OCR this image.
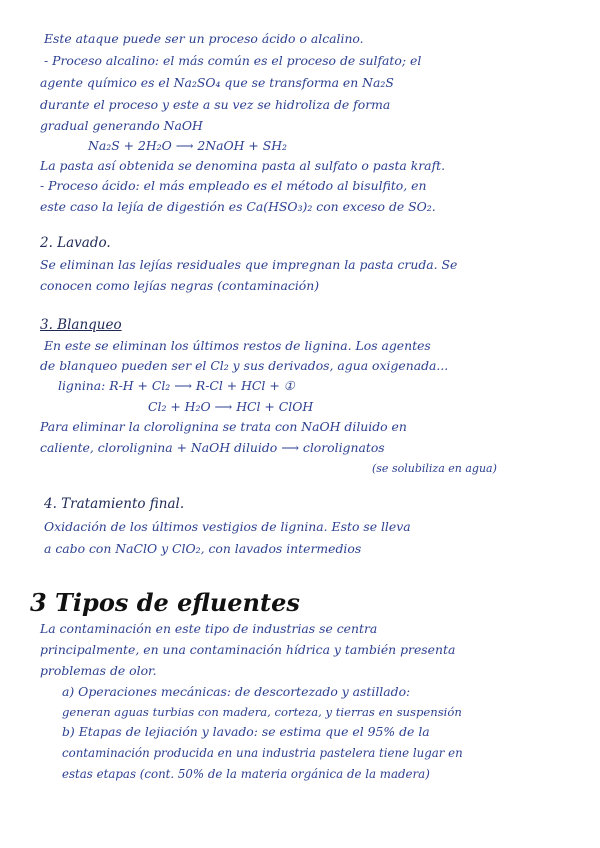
Este ataque puede ser un proceso ácido o alcalino.

- Proceso alcalino: el más común es el proceso de sulfato; el

agente químico es el Na₂SO₄ que se transforma en Na₂S

durante el proceso y este a su vez se hidroliza de forma

gradual generando NaOH

Na₂S + 2H₂O ⟶ 2NaOH + SH₂

La pasta así obtenida se denomina pasta al sulfato o pasta kraft.

- Proceso ácido: el más empleado es el método al bisulfito, en

este caso la lejía de digestión es Ca(HSO₃)₂ con exceso de SO₂.

2. Lavado.

Se eliminan las lejías residuales que impregnan la pasta cruda. Se

conocen como lejías negras (contaminación)

3. Blanqueo

En este se eliminan los últimos restos de lignina. Los agentes

de blanqueo pueden ser el Cl₂ y sus derivados, agua oxigenada...

lignina: R-H + Cl₂ ⟶ R-Cl + HCl + ①

Cl₂ + H₂O ⟶ HCl + ClOH

Para eliminar la clorolignina se trata con NaOH diluido en

caliente, clorolignina + NaOH diluido ⟶ clorolignatos

(se solubiliza en agua)

4. Tratamiento final.

Oxidación de los últimos vestigios de lignina. Esto se lleva

a cabo con NaClO y ClO₂, con lavados intermedios

3 Tipos de efluentes

La contaminación en este tipo de industrias se centra

principalmente, en una contaminación hídrica y también presenta

problemas de olor.

a) Operaciones mecánicas: de descortezado y astillado:

generan aguas turbias con madera, corteza, y tierras en suspensión

b) Etapas de lejiación y lavado: se estima que el 95% de la

contaminación producida en una industria pastelera tiene lugar en

estas etapas (cont. 50% de la materia orgánica de la madera)
